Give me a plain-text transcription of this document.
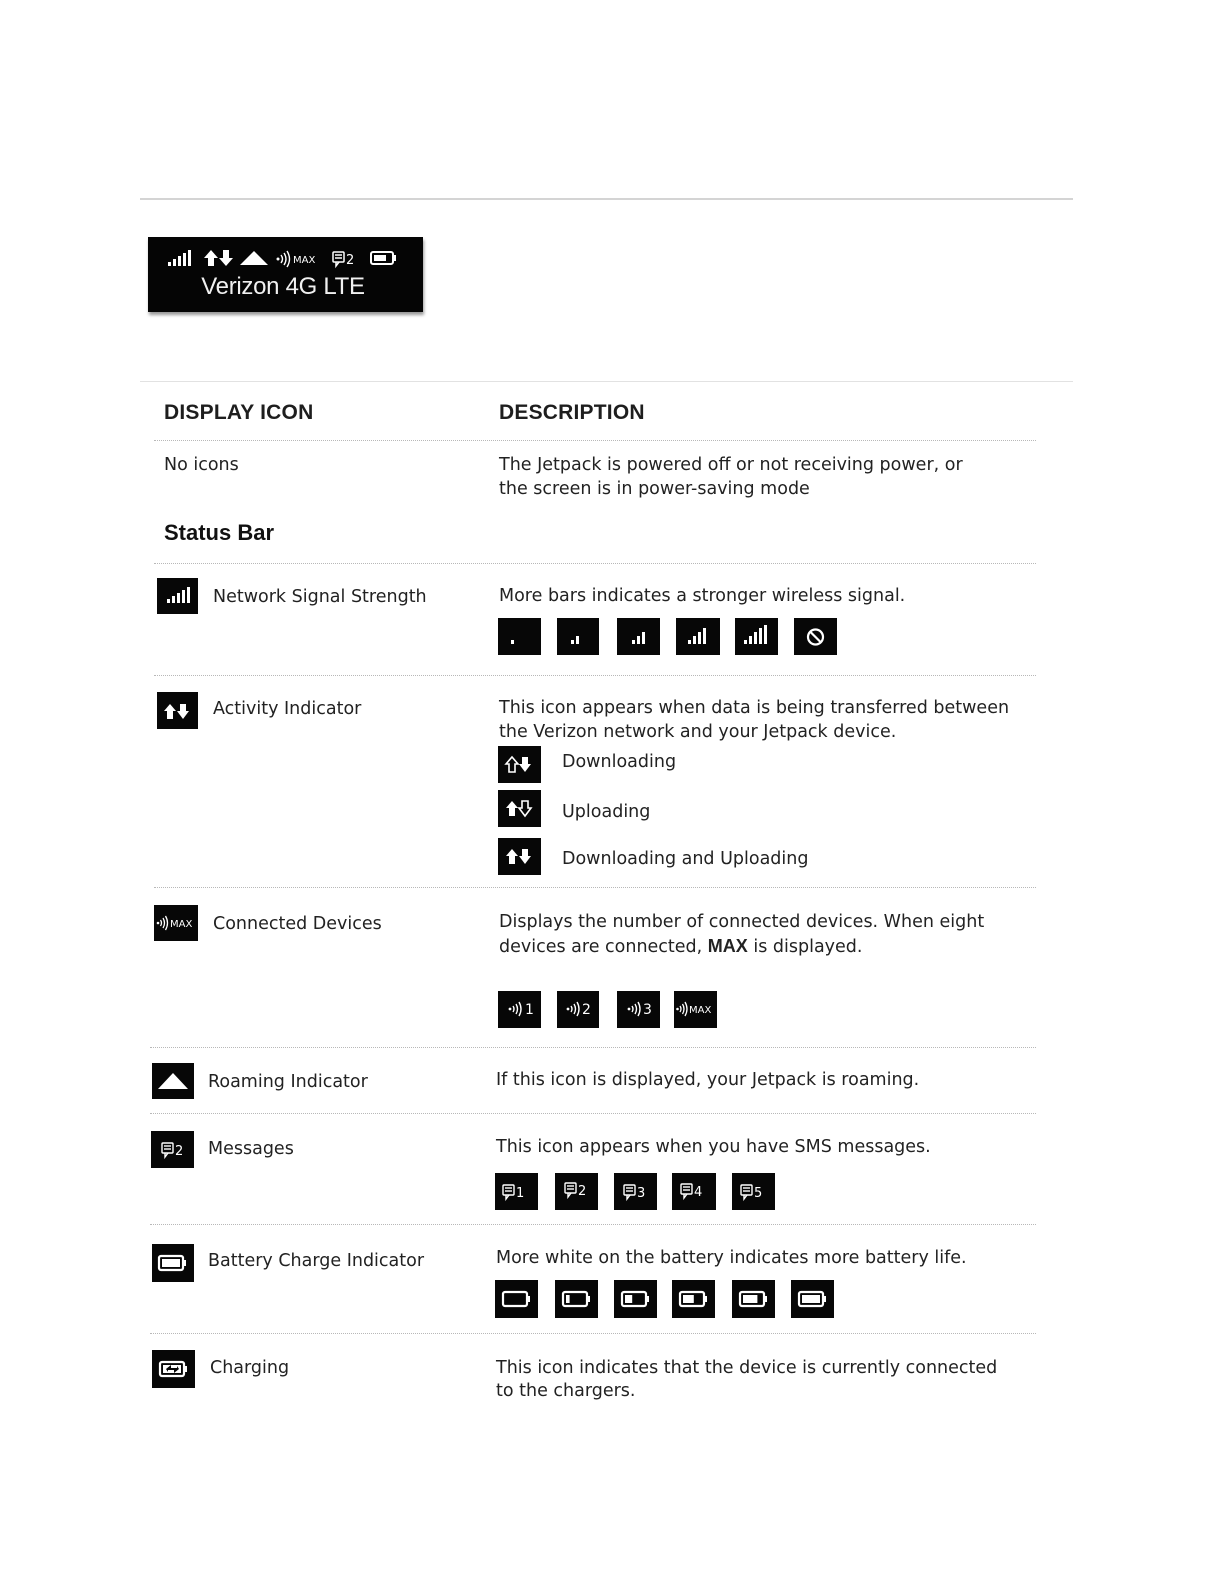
MAX 2
Verizon 4G LTE
DISPLAY ICON	DESCRIPTION
No icons	The Jetpack is powered off or not receiving power, or
the screen is in power-saving mode
Status Bar
Network Signal Strength	More bars indicates a stronger wireless signal.
Activity Indicator	This icon appears when data is being transferred between
the Verizon network and your Jetpack device.
Downloading
Uploading
Downloading and Uploading
MAX Connected Devices	Displays the number of connected devices. When eight
devices are connected, MAX is displayed.
1	2	3	MAX
Roaming Indicator	If this icon is displayed, your Jetpack is roaming.
2 Messages	This icon appears when you have SMS messages.
1	2	3	4	5
Battery Charge Indicator	More white on the battery indicates more battery life.
Charging	This icon indicates that the device is currently connected
to the chargers.
